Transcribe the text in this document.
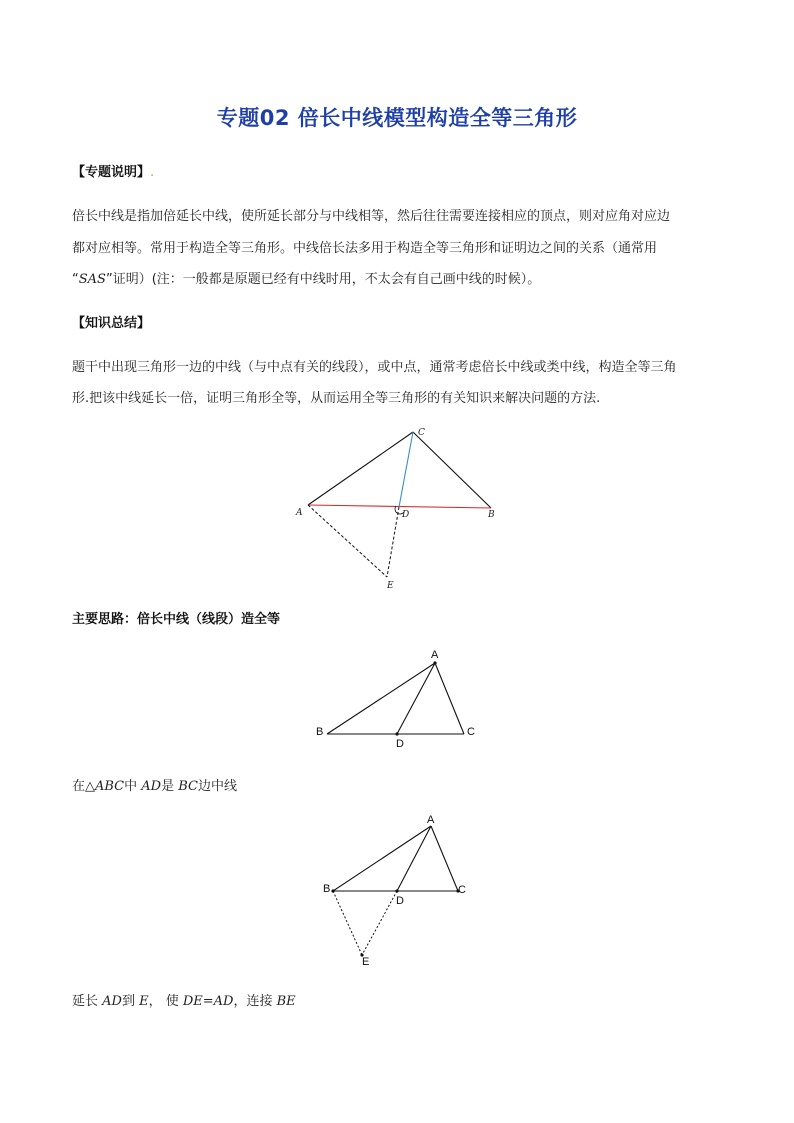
专题02 倍长中线模型构造全等三角形
【专题说明】.
倍长中线是指加倍延长中线，使所延长部分与中线相等，然后往往需要连接相应的顶点，则对应角对应边
都对应相等。常用于构造全等三角形。中线倍长法多用于构造全等三角形和证明边之间的关系（通常用
“SAS”证明）(注：一般都是原题已经有中线时用，不太会有自己画中线的时候）。
【知识总结】
题干中出现三角形一边的中线（与中点有关的线段），或中点，通常考虑倍长中线或类中线，构造全等三角
形.把该中线延长一倍，证明三角形全等，从而运用全等三角形的有关知识来解决问题的方法.
A	B
C
D
E
主要思路：倍长中线（线段）造全等
A
B	C
D
在△ABC中 AD是 BC边中线
A
B	C
D
E
延长 AD到 E， 使 DE=AD，连接 BE
